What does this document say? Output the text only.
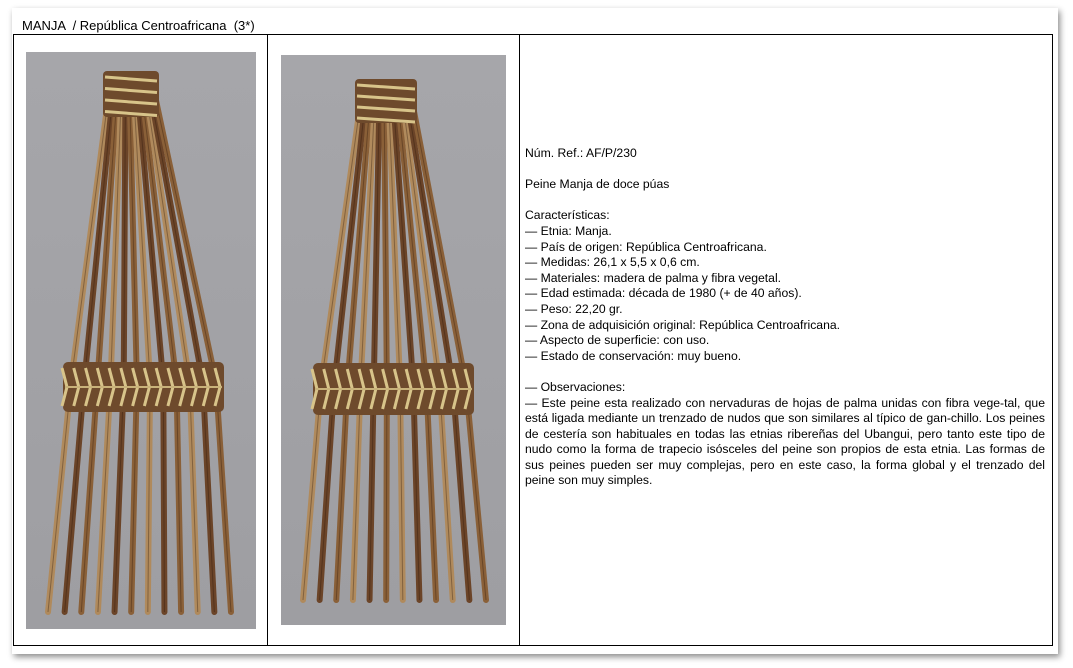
MANJA  / República Centroafricana  (3*)
Núm. Ref.: AF/P/230
Peine Manja de doce púas
Características:
— Etnia: Manja.
— País de origen: República Centroafricana.
— Medidas: 26,1 x 5,5 x 0,6 cm.
— Materiales: madera de palma y fibra vegetal.
— Edad estimada: década de 1980 (+ de 40 años).
— Peso: 22,20 gr.
— Zona de adquisición original: República Centroafricana.
— Aspecto de superficie: con uso.
— Estado de conservación: muy bueno.
— Observaciones:
— Este peine esta realizado con nervaduras de hojas de palma unidas con fibra vege-tal, que está ligada mediante un trenzado de nudos que son similares al típico de gan-chillo. Los peines de cestería son habituales en todas las etnias ribereñas del Ubangui, pero tanto este tipo de nudo como la forma de trapecio isósceles del peine son propios de esta etnia. Las formas de sus peines pueden ser muy complejas, pero en este caso, la forma global y el trenzado del peine son muy simples.
